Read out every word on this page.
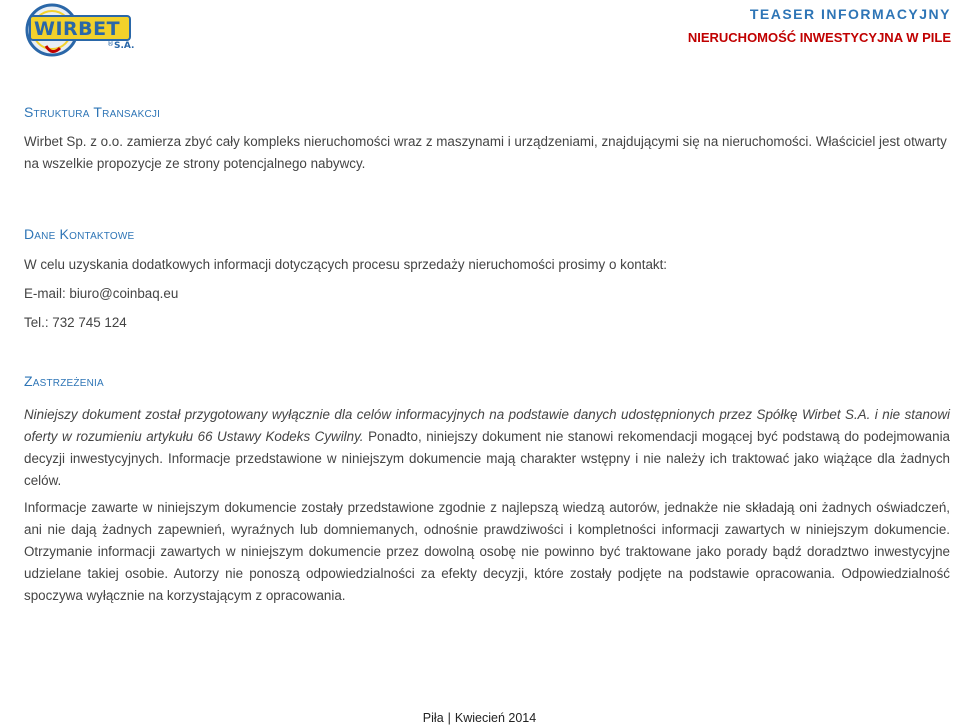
WIRBET
® S.A.
TEASER INFORMACYJNY
NIERUCHOMOŚĆ INWESTYCYJNA W PILE
Struktura Transakcji
Wirbet Sp. z o.o. zamierza zbyć cały kompleks nieruchomości wraz z maszynami i urządzeniami, znajdującymi się na nieruchomości. Właściciel jest otwarty na wszelkie propozycje ze strony potencjalnego nabywcy.
Dane Kontaktowe
W celu uzyskania dodatkowych informacji dotyczących procesu sprzedaży nieruchomości prosimy o kontakt:
E-mail: biuro@coinbaq.eu
Tel.: 732 745 124
Zastrzeżenia
Niniejszy dokument został przygotowany wyłącznie dla celów informacyjnych na podstawie danych udostępnionych przez Spółkę Wirbet S.A. i nie stanowi oferty w rozumieniu artykułu 66 Ustawy Kodeks Cywilny. Ponadto, niniejszy dokument nie stanowi rekomendacji mogącej być podstawą do podejmowania decyzji inwestycyjnych. Informacje przedstawione w niniejszym dokumencie mają charakter wstępny i nie należy ich traktować jako wiążące dla żadnych celów.
Informacje zawarte w niniejszym dokumencie zostały przedstawione zgodnie z najlepszą wiedzą autorów, jednakże nie składają oni żadnych oświadczeń, ani nie dają żadnych zapewnień, wyraźnych lub domniemanych, odnośnie prawdziwości i kompletności informacji zawartych w niniejszym dokumencie. Otrzymanie informacji zawartych w niniejszym dokumencie przez dowolną osobę nie powinno być traktowane jako porady bądź doradztwo inwestycyjne udzielane takiej osobie. Autorzy nie ponoszą odpowiedzialności za efekty decyzji, które zostały podjęte na podstawie opracowania. Odpowiedzialność spoczywa wyłącznie na korzystającym z opracowania.
Piła | Kwiecień 2014
